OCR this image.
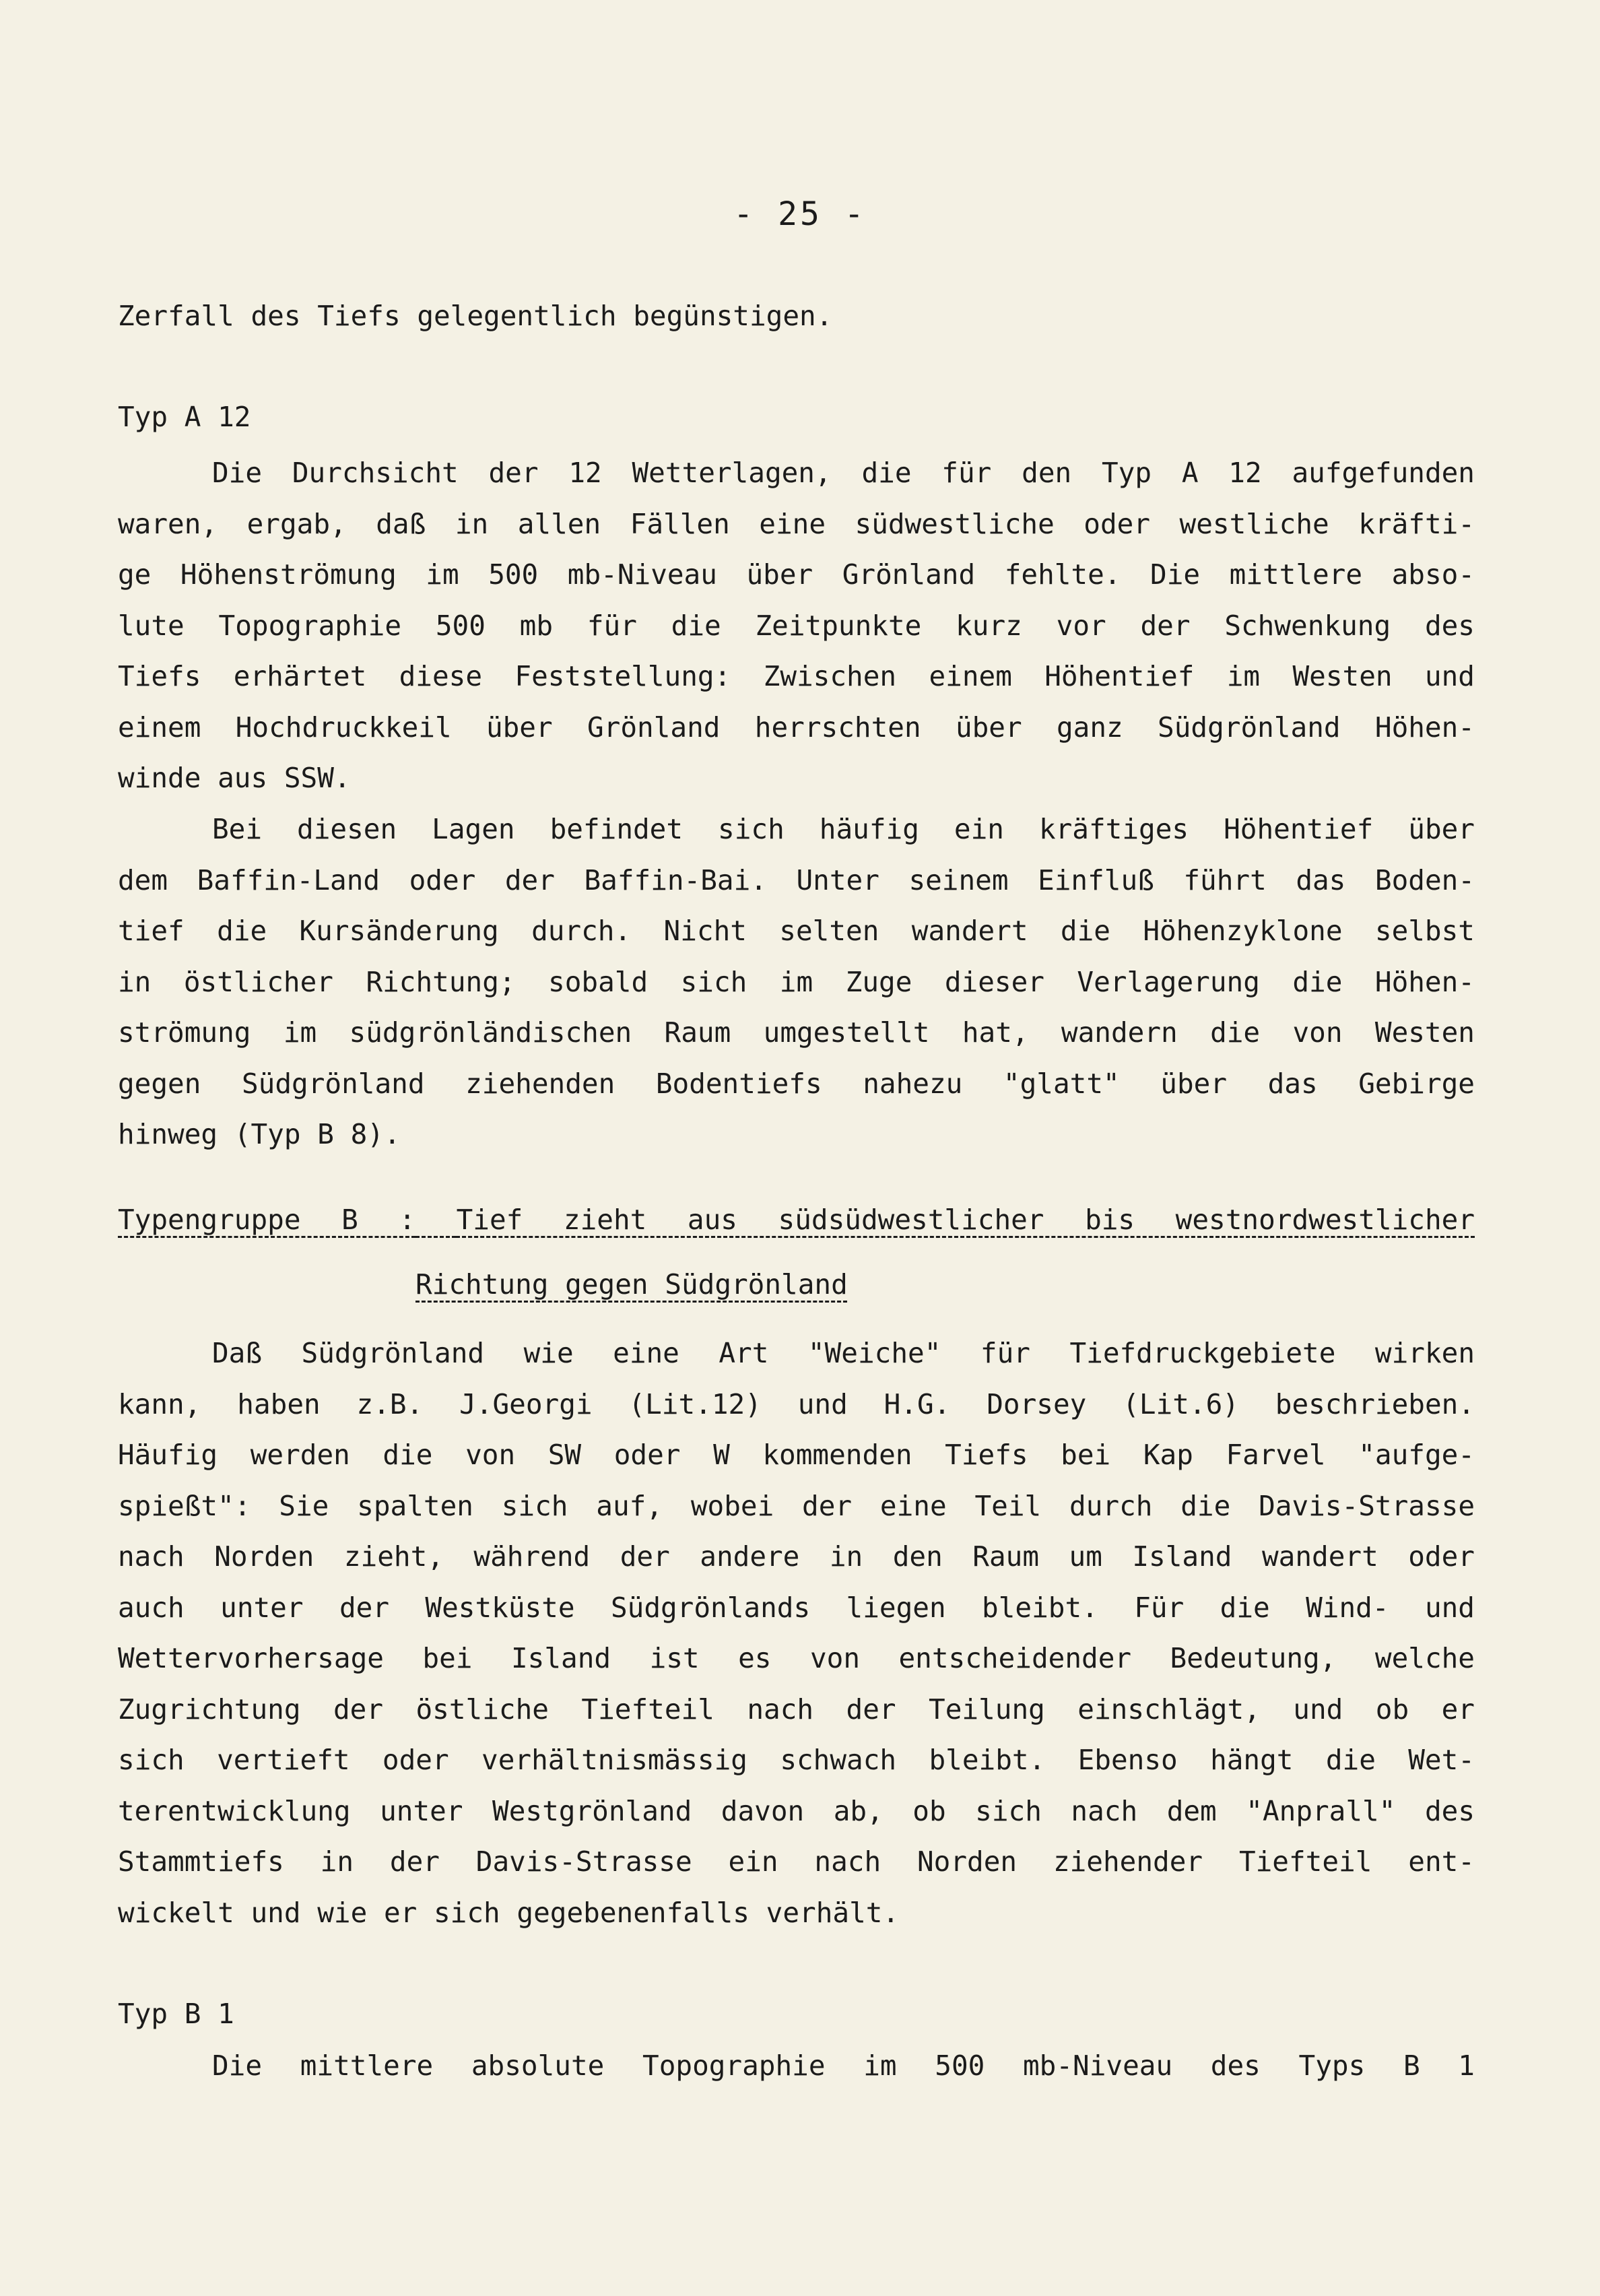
- 25 -
Zerfall des Tiefs gelegentlich begünstigen.
Typ A 12
Die Durchsicht der 12 Wetterlagen, die für den Typ A 12 aufgefunden
waren, ergab, daß in allen Fällen eine südwestliche oder westliche kräfti-
ge Höhenströmung im 500 mb-Niveau über Grönland fehlte. Die mittlere abso-
lute Topographie 500 mb für die Zeitpunkte kurz vor der Schwenkung des
Tiefs erhärtet diese Feststellung: Zwischen einem Höhentief im Westen und
einem Hochdruckkeil über Grönland herrschten über ganz Südgrönland Höhen-
winde aus SSW.
Bei diesen Lagen befindet sich häufig ein kräftiges Höhentief über
dem Baffin-Land oder der Baffin-Bai. Unter seinem Einfluß führt das Boden-
tief die Kursänderung durch. Nicht selten wandert die Höhenzyklone selbst
in östlicher Richtung; sobald sich im Zuge dieser Verlagerung die Höhen-
strömung im südgrönländischen Raum umgestellt hat, wandern die von Westen
gegen Südgrönland ziehenden Bodentiefs nahezu "glatt" über das Gebirge
hinweg (Typ B 8).
Typengruppe B : Tief zieht aus südsüdwestlicher bis westnordwestlicher
Richtung gegen Südgrönland
Daß Südgrönland wie eine Art "Weiche" für Tiefdruckgebiete wirken
kann, haben z.B. J.Georgi (Lit.12) und H.G. Dorsey (Lit.6) beschrieben.
Häufig werden die von SW oder W kommenden Tiefs bei Kap Farvel "aufge-
spießt": Sie spalten sich auf, wobei der eine Teil durch die Davis-Strasse
nach Norden zieht, während der andere in den Raum um Island wandert oder
auch unter der Westküste Südgrönlands liegen bleibt. Für die Wind- und
Wettervorhersage bei Island ist es von entscheidender Bedeutung, welche
Zugrichtung der östliche Tiefteil nach der Teilung einschlägt, und ob er
sich vertieft oder verhältnismässig schwach bleibt. Ebenso hängt die Wet-
terentwicklung unter Westgrönland davon ab, ob sich nach dem "Anprall" des
Stammtiefs in der Davis-Strasse ein nach Norden ziehender Tiefteil ent-
wickelt und wie er sich gegebenenfalls verhält.
Typ B 1
Die mittlere absolute Topographie im 500 mb-Niveau des Typs B 1
